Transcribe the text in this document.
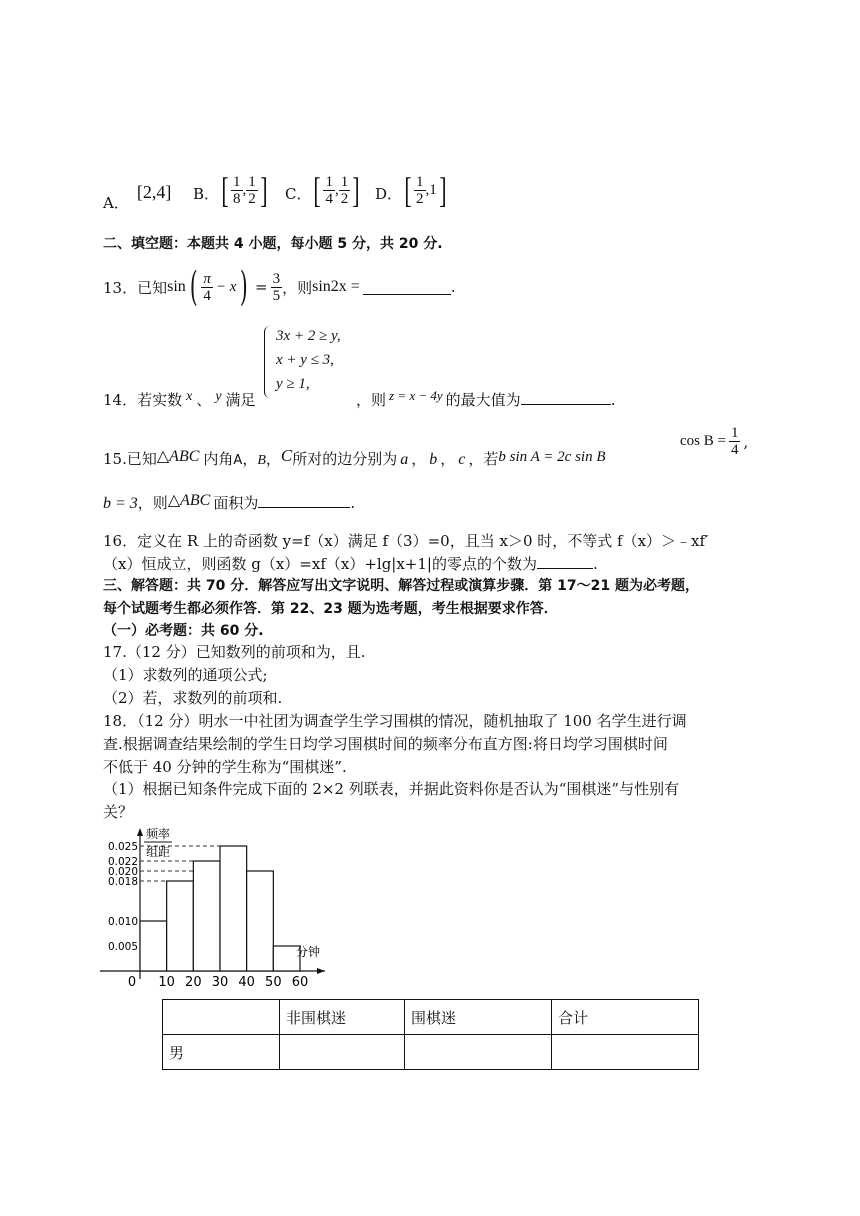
A．[2,4] B． [ $\frac{1}{8}$ , $\frac{1}{2}$ ] C． [ $\frac{1}{4}$ , $\frac{1}{2}$ ] D． [ $\frac{1}{2}$ , 1 ]
二、填空题：本题共 4 小题，每小题 5 分，共 20 分.
13．已知 sin ( $\frac{\pi}{4} - x$ ) = $\frac{3}{5}$ ，则 sin2x =	.
3x + 2 ≥ y,
x + y ≤ 3,
y ≥ 1,
14．若实数 x 、 y 满足	，则 z = x − 4y 的最大值为	.
$\cos B = \frac{1}{4}$ ,
15.已知△ABC 内角A，B，C所对的边分别为 a ， b ， c ，若b sin A = 2c sin B
b = 3，则△ABC 面积为	.
16．定义在 R 上的奇函数 y=f（x）满足 f（3）=0，且当 x＞0 时，不等式 f（x）＞﹣xf′
（x）恒成立，则函数 g（x）=xf（x）+lg|x+1|的零点的个数为	.
三、解答题：共 70 分．解答应写出文字说明、解答过程或演算步骤．第 17～21 题为必考题，
每个试题考生都必须作答．第 22、23 题为选考题，考生根据要求作答．
（一）必考题：共 60 分.
17.（12 分）已知数列的前项和为，且.
（1）求数列的通项公式;
（2）若，求数列的前项和.
18．（12 分）明水一中社团为调查学生学习围棋的情况，随机抽取了 100 名学生进行调
查.根据调查结果绘制的学生日均学习围棋时间的频率分布直方图:将日均学习围棋时间
不低于 40 分钟的学生称为“围棋迷”.
（1）根据已知条件完成下面的 2×2 列联表，并据此资料你是否认为“围棋迷”与性别有
关？
0.025
0.022
0.020
0.018
0.010
0.005
0 10 20 30 40 50 60
频率
组距
分钟
	非围棋迷	围棋迷	合计
男			
